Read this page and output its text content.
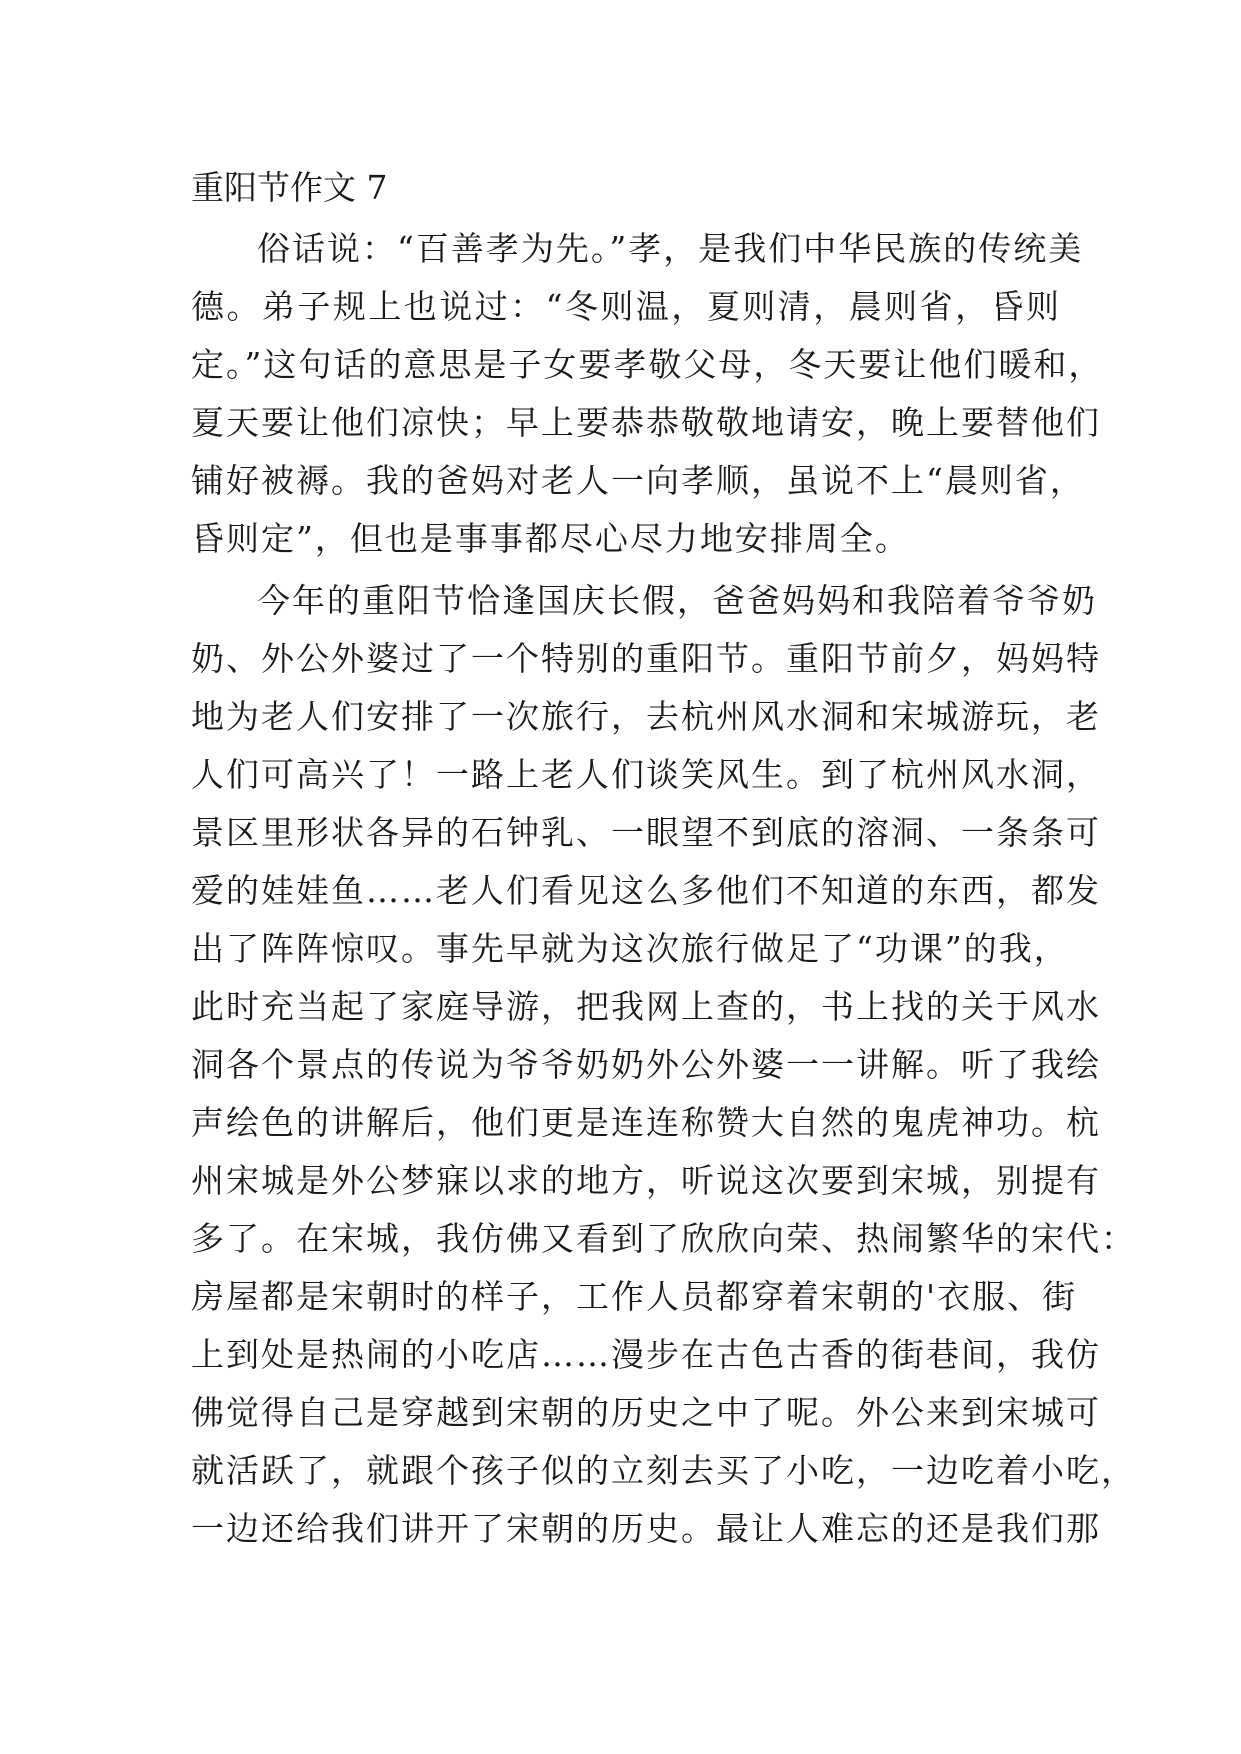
重阳节作文 7
俗话说：“百善孝为先。”孝，是我们中华民族的传统美
德。弟子规上也说过：“冬则温，夏则清，晨则省，昏则
定。”这句话的意思是子女要孝敬父母，冬天要让他们暖和，
夏天要让他们凉快；早上要恭恭敬敬地请安，晚上要替他们
铺好被褥。我的爸妈对老人一向孝顺，虽说不上“晨则省，
昏则定”，但也是事事都尽心尽力地安排周全。
今年的重阳节恰逢国庆长假，爸爸妈妈和我陪着爷爷奶
奶、外公外婆过了一个特别的重阳节。重阳节前夕，妈妈特
地为老人们安排了一次旅行，去杭州风水洞和宋城游玩，老
人们可高兴了！一路上老人们谈笑风生。到了杭州风水洞，
景区里形状各异的石钟乳、一眼望不到底的溶洞、一条条可
爱的娃娃鱼……老人们看见这么多他们不知道的东西，都发
出了阵阵惊叹。事先早就为这次旅行做足了“功课”的我，
此时充当起了家庭导游，把我网上查的，书上找的关于风水
洞各个景点的传说为爷爷奶奶外公外婆一一讲解。听了我绘
声绘色的讲解后，他们更是连连称赞大自然的鬼虎神功。杭
州宋城是外公梦寐以求的地方，听说这次要到宋城，别提有
多了。在宋城，我仿佛又看到了欣欣向荣、热闹繁华的宋代：
房屋都是宋朝时的样子，工作人员都穿着宋朝的'衣服、街
上到处是热闹的小吃店……漫步在古色古香的街巷间，我仿
佛觉得自己是穿越到宋朝的历史之中了呢。外公来到宋城可
就活跃了，就跟个孩子似的立刻去买了小吃，一边吃着小吃，
一边还给我们讲开了宋朝的历史。最让人难忘的还是我们那
